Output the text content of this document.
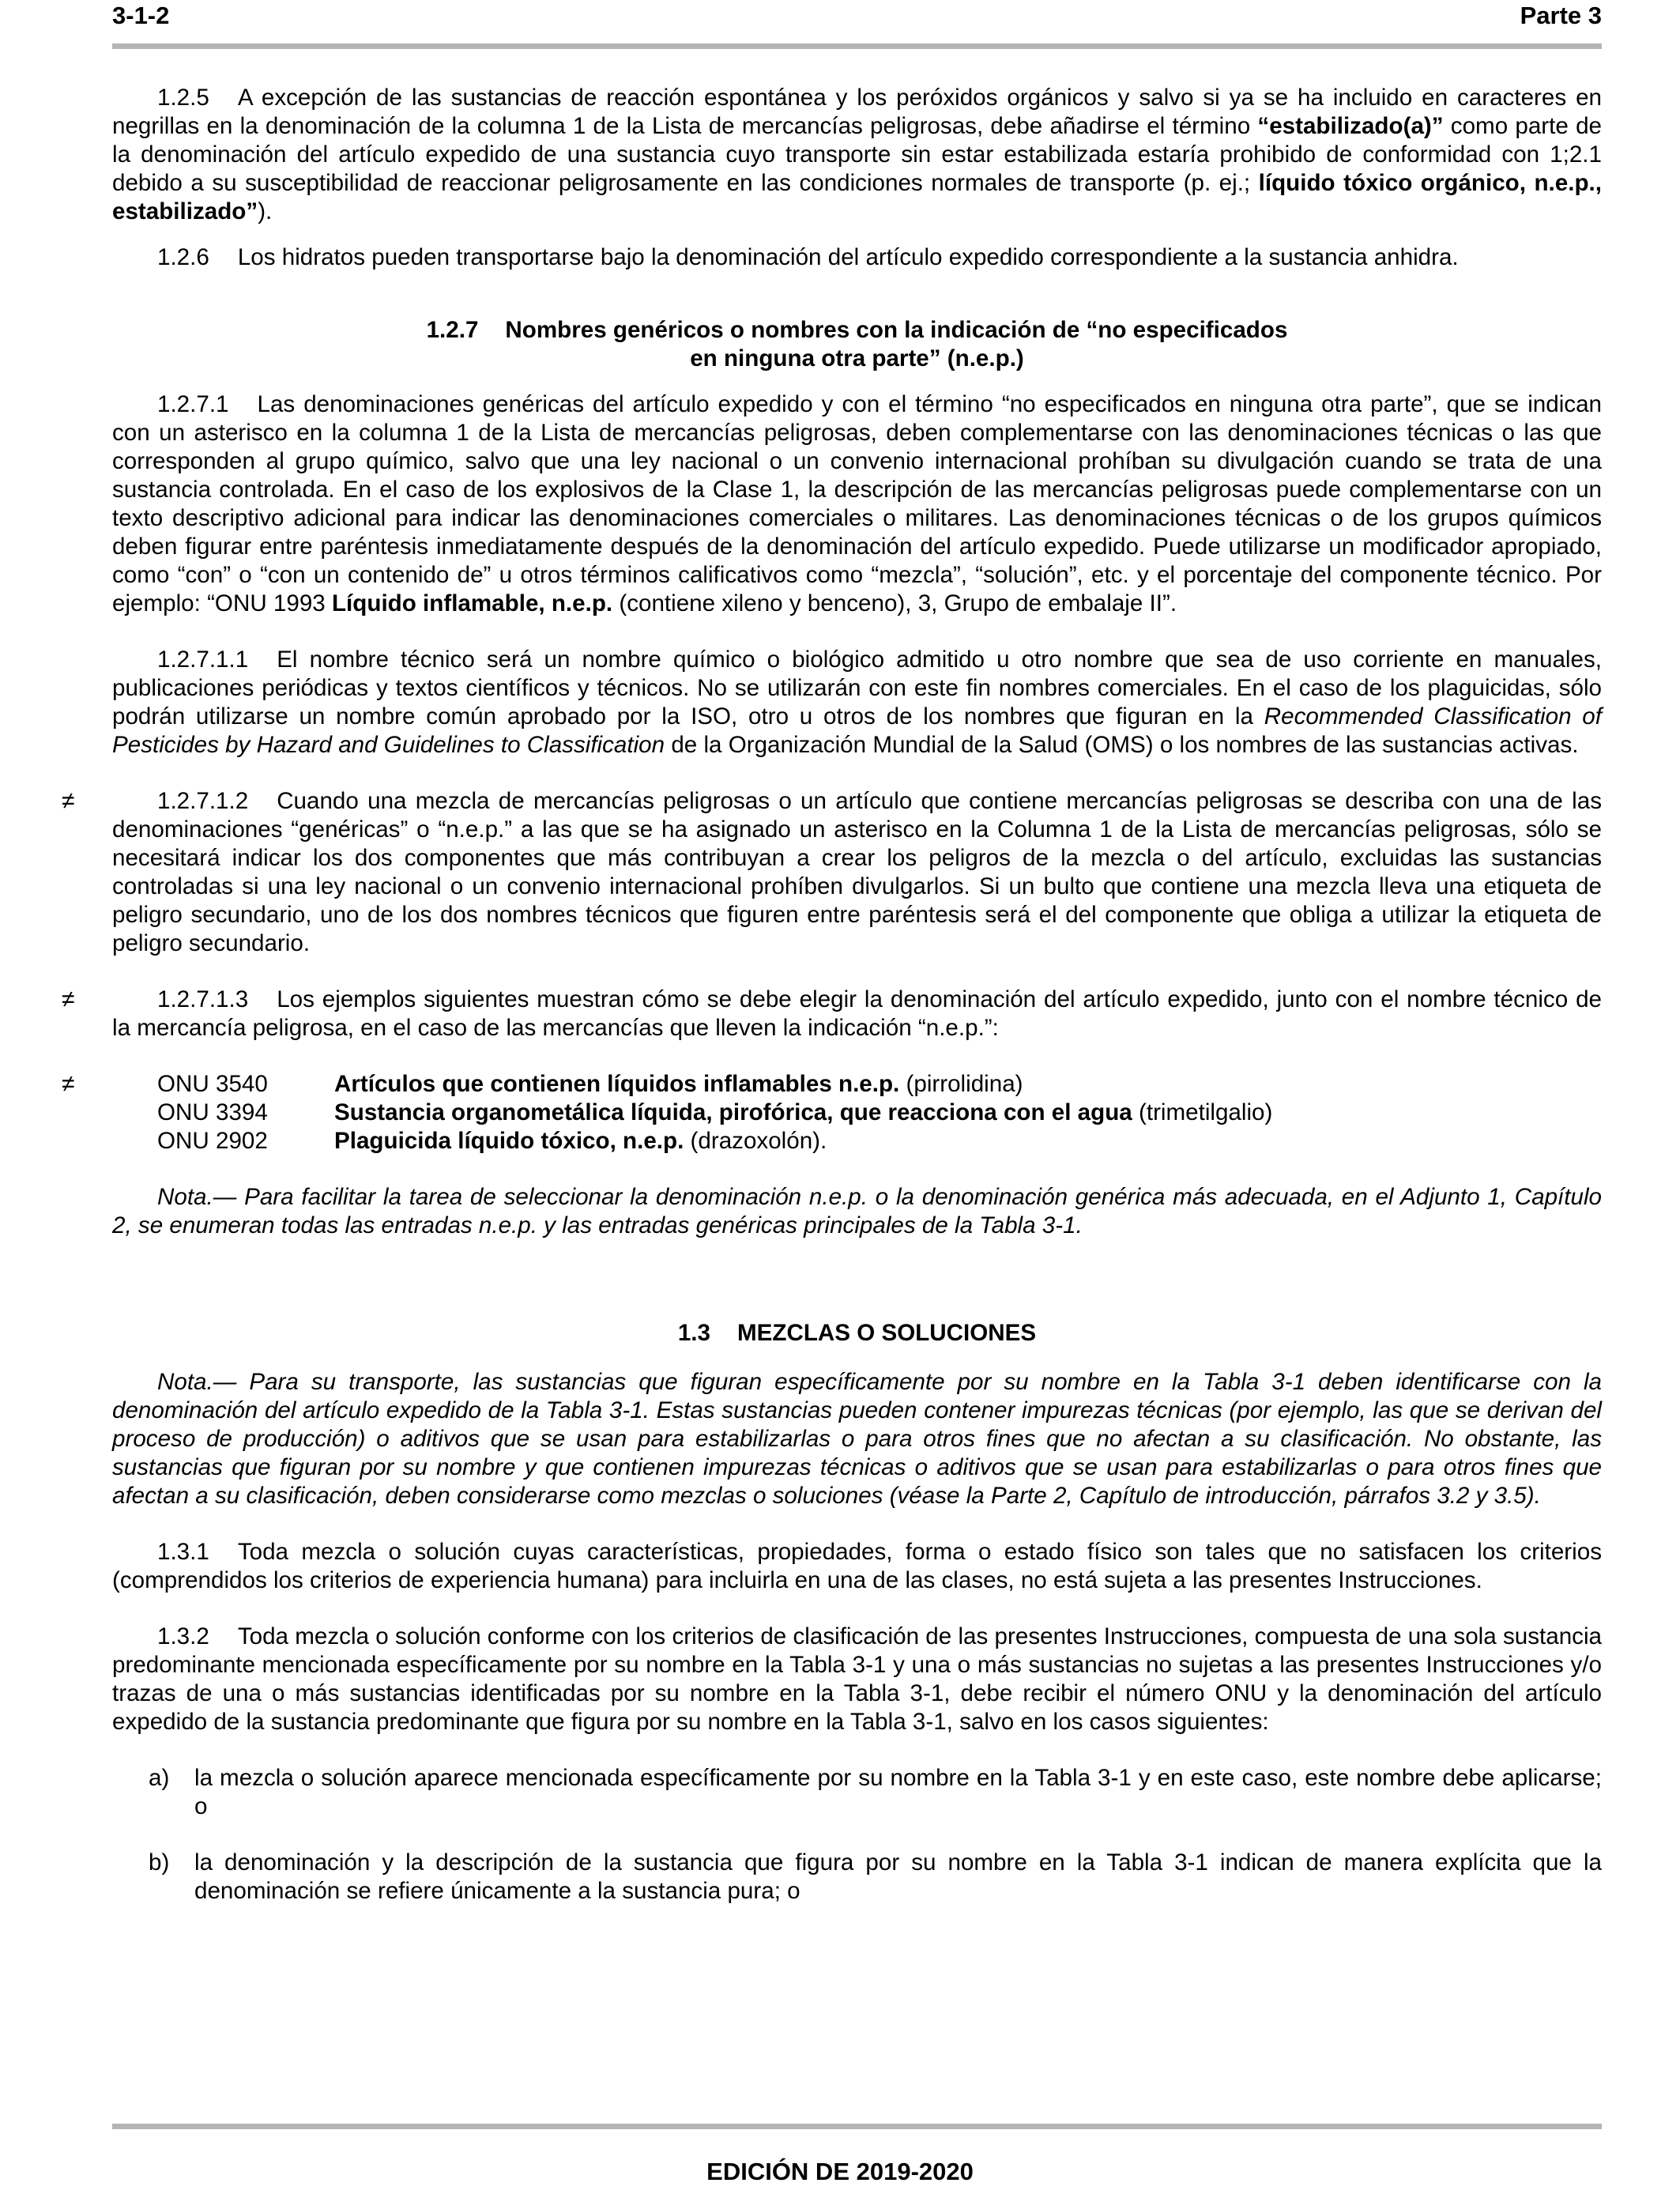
3-1-2	Parte 3

1.2.5 A excepción de las sustancias de reacción espontánea y los peróxidos orgánicos y salvo si ya se ha incluido en caracteres en negrillas en la denominación de la columna 1 de la Lista de mercancías peligrosas, debe añadirse el término “estabilizado(a)” como parte de la denominación del artículo expedido de una sustancia cuyo transporte sin estar estabilizada estaría prohibido de conformidad con 1;2.1 debido a su susceptibilidad de reaccionar peligrosamente en las condiciones normales de transporte (p. ej.; líquido tóxico orgánico, n.e.p., estabilizado”).

1.2.6 Los hidratos pueden transportarse bajo la denominación del artículo expedido correspondiente a la sustancia anhidra.

1.2.7 Nombres genéricos o nombres con la indicación de “no especificados
en ninguna otra parte” (n.e.p.)

1.2.7.1 Las denominaciones genéricas del artículo expedido y con el término “no especificados en ninguna otra parte”, que se indican con un asterisco en la columna 1 de la Lista de mercancías peligrosas, deben complementarse con las denominaciones técnicas o las que corresponden al grupo químico, salvo que una ley nacional o un convenio internacional prohíban su divulgación cuando se trata de una sustancia controlada. En el caso de los explosivos de la Clase 1, la descripción de las mercancías peligrosas puede complementarse con un texto descriptivo adicional para indicar las denominaciones comerciales o militares. Las denominaciones técnicas o de los grupos químicos deben figurar entre paréntesis inmediatamente después de la denominación del artículo expedido. Puede utilizarse un modificador apropiado, como “con” o “con un contenido de” u otros términos calificativos como “mezcla”, “solución”, etc. y el porcentaje del componente técnico. Por ejemplo: “ONU 1993 Líquido inflamable, n.e.p. (contiene xileno y benceno), 3, Grupo de embalaje II”.

1.2.7.1.1 El nombre técnico será un nombre químico o biológico admitido u otro nombre que sea de uso corriente en manuales, publicaciones periódicas y textos científicos y técnicos. No se utilizarán con este fin nombres comerciales. En el caso de los plaguicidas, sólo podrán utilizarse un nombre común aprobado por la ISO, otro u otros de los nombres que figuran en la Recommended Classification of Pesticides by Hazard and Guidelines to Classification de la Organización Mundial de la Salud (OMS) o los nombres de las sustancias activas.

≠	1.2.7.1.2 Cuando una mezcla de mercancías peligrosas o un artículo que contiene mercancías peligrosas se describa con una de las denominaciones “genéricas” o “n.e.p.” a las que se ha asignado un asterisco en la Columna 1 de la Lista de mercancías peligrosas, sólo se necesitará indicar los dos componentes que más contribuyan a crear los peligros de la mezcla o del artículo, excluidas las sustancias controladas si una ley nacional o un convenio internacional prohíben divulgarlos. Si un bulto que contiene una mezcla lleva una etiqueta de peligro secundario, uno de los dos nombres técnicos que figuren entre paréntesis será el del componente que obliga a utilizar la etiqueta de peligro secundario.

≠	1.2.7.1.3 Los ejemplos siguientes muestran cómo se debe elegir la denominación del artículo expedido, junto con el nombre técnico de la mercancía peligrosa, en el caso de las mercancías que lleven la indicación “n.e.p.”:

≠	ONU 3540	Artículos que contienen líquidos inflamables n.e.p. (pirrolidina)
ONU 3394	Sustancia organometálica líquida, pirofórica, que reacciona con el agua (trimetilgalio)
ONU 2902	Plaguicida líquido tóxico, n.e.p. (drazoxolón).

Nota.— Para facilitar la tarea de seleccionar la denominación n.e.p. o la denominación genérica más adecuada, en el Adjunto 1, Capítulo 2, se enumeran todas las entradas n.e.p. y las entradas genéricas principales de la Tabla 3-1.

1.3 MEZCLAS O SOLUCIONES

Nota.— Para su transporte, las sustancias que figuran específicamente por su nombre en la Tabla 3-1 deben identificarse con la denominación del artículo expedido de la Tabla 3-1. Estas sustancias pueden contener impurezas técnicas (por ejemplo, las que se derivan del proceso de producción) o aditivos que se usan para estabilizarlas o para otros fines que no afectan a su clasificación. No obstante, las sustancias que figuran por su nombre y que contienen impurezas técnicas o aditivos que se usan para estabilizarlas o para otros fines que afectan a su clasificación, deben considerarse como mezclas o soluciones (véase la Parte 2, Capítulo de introducción, párrafos 3.2 y 3.5).

1.3.1 Toda mezcla o solución cuyas características, propiedades, forma o estado físico son tales que no satisfacen los criterios (comprendidos los criterios de experiencia humana) para incluirla en una de las clases, no está sujeta a las presentes Instrucciones.

1.3.2 Toda mezcla o solución conforme con los criterios de clasificación de las presentes Instrucciones, compuesta de una sola sustancia predominante mencionada específicamente por su nombre en la Tabla 3-1 y una o más sustancias no sujetas a las presentes Instrucciones y/o trazas de una o más sustancias identificadas por su nombre en la Tabla 3-1, debe recibir el número ONU y la denominación del artículo expedido de la sustancia predominante que figura por su nombre en la Tabla 3-1, salvo en los casos siguientes:

a)	la mezcla o solución aparece mencionada específicamente por su nombre en la Tabla 3-1 y en este caso, este nombre debe aplicarse; o
b)	la denominación y la descripción de la sustancia que figura por su nombre en la Tabla 3-1 indican de manera explícita que la denominación se refiere únicamente a la sustancia pura; o
EDICIÓN DE 2019-2020
